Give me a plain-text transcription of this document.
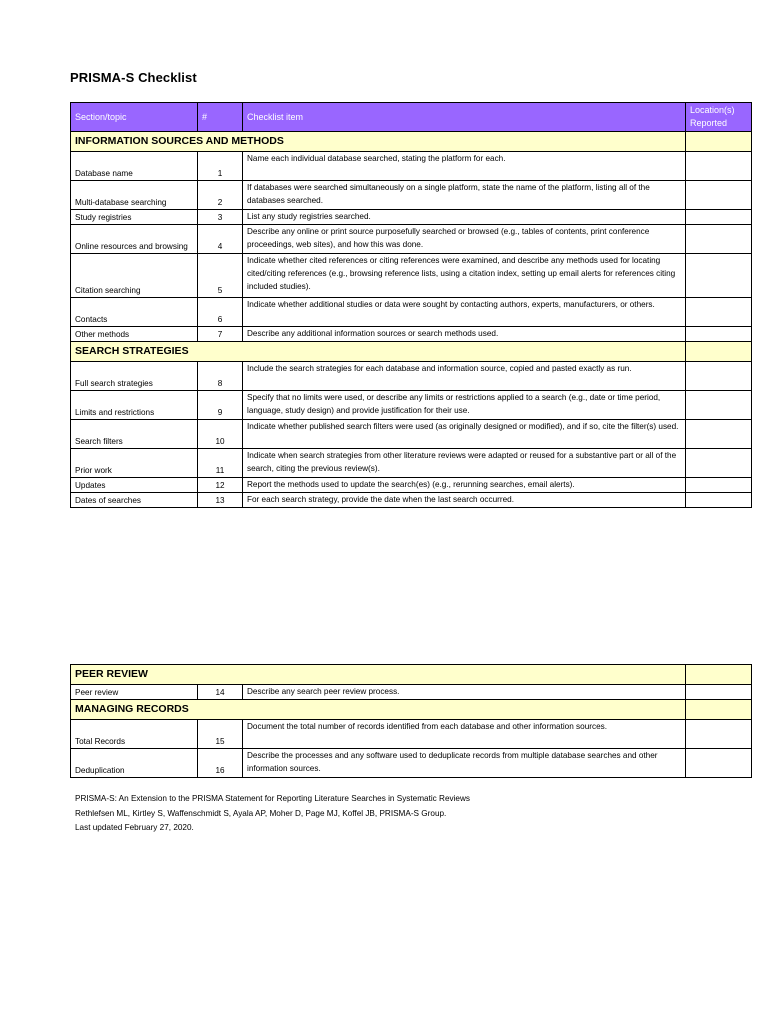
PRISMA-S Checklist
Section/topic	#	Checklist item	Location(s)
Reported
INFORMATION SOURCES AND METHODS			
Database name	1	Name each individual database searched, stating the platform for each.	
Multi-database searching	2	If databases were searched simultaneously on a single platform, state the name of the platform, listing all of the databases searched.	
Study registries	3	List any study registries searched.	
Online resources and browsing	4	Describe any online or print source purposefully searched or browsed (e.g., tables of contents, print conference proceedings, web sites), and how this was done.	
Citation searching	5	Indicate whether cited references or citing references were examined, and describe any methods used for locating cited/citing references (e.g., browsing reference lists, using a citation index, setting up email alerts for references citing included studies).	
Contacts	6	Indicate whether additional studies or data were sought by contacting authors, experts, manufacturers, or others.	
Other methods	7	Describe any additional information sources or search methods used.	
SEARCH STRATEGIES			
Full search strategies	8	Include the search strategies for each database and information source, copied and pasted exactly as run.	
Limits and restrictions	9	Specify that no limits were used, or describe any limits or restrictions applied to a search (e.g., date or time period, language, study design) and provide justification for their use.	
Search filters	10	Indicate whether published search filters were used (as originally designed or modified), and if so, cite the filter(s) used.	
Prior work	11	Indicate when search strategies from other literature reviews were adapted or reused for a substantive part or all of the search, citing the previous review(s).	
Updates	12	Report the methods used to update the search(es) (e.g., rerunning searches, email alerts).	
Dates of searches	13	For each search strategy, provide the date when the last search occurred.	
PEER REVIEW			
Peer review	14	Describe any search peer review process.	
MANAGING RECORDS			
Total Records	15	Document the total number of records identified from each database and other information sources.	
Deduplication	16	Describe the processes and any software used to deduplicate records from multiple database searches and other information sources.	
PRISMA-S: An Extension to the PRISMA Statement for Reporting Literature Searches in Systematic Reviews
Rethlefsen ML, Kirtley S, Waffenschmidt S, Ayala AP, Moher D, Page MJ, Koffel JB, PRISMA-S Group.
Last updated February 27, 2020.
